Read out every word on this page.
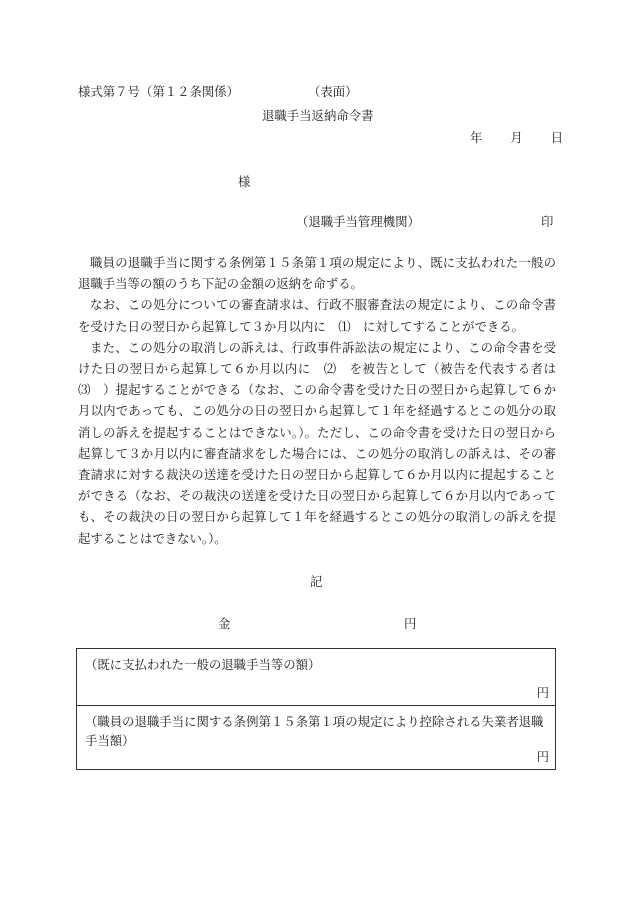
様式第７号（第１２条関係）	（表面）
退職手当返納命令書
年 月 日
様
（退職手当管理機関）	印

職員の退職手当に関する条例第１５条第１項の規定により、既に支払われた一般の退職手当等の額のうち下記の金額の返納を命ずる。

なお、この処分についての審査請求は、行政不服審査法の規定により、この命令書を受けた日の翌日から起算して３か月以内に　⑴　に対してすることができる。

また、この処分の取消しの訴えは、行政事件訴訟法の規定により、この命令書を受けた日の翌日から起算して６か月以内に　⑵　を被告として（被告を代表する者は⑶　）提起することができる（なお、この命令書を受けた日の翌日から起算して６か月以内であっても、この処分の日の翌日から起算して１年を経過するとこの処分の取消しの訴えを提起することはできない。）。ただし、この命令書を受けた日の翌日から起算して３か月以内に審査請求をした場合には、この処分の取消しの訴えは、その審査請求に対する裁決の送達を受けた日の翌日から起算して６か月以内に提起することができる（なお、その裁決の送達を受けた日の翌日から起算して６か月以内であっても、その裁決の日の翌日から起算して１年を経過するとこの処分の取消しの訴えを提起することはできない。）。

記
金	円
（既に支払われた一般の退職手当等の額）
円
（職員の退職手当に関する条例第１５条第１項の規定により控除される失業者退職手当額）
円
